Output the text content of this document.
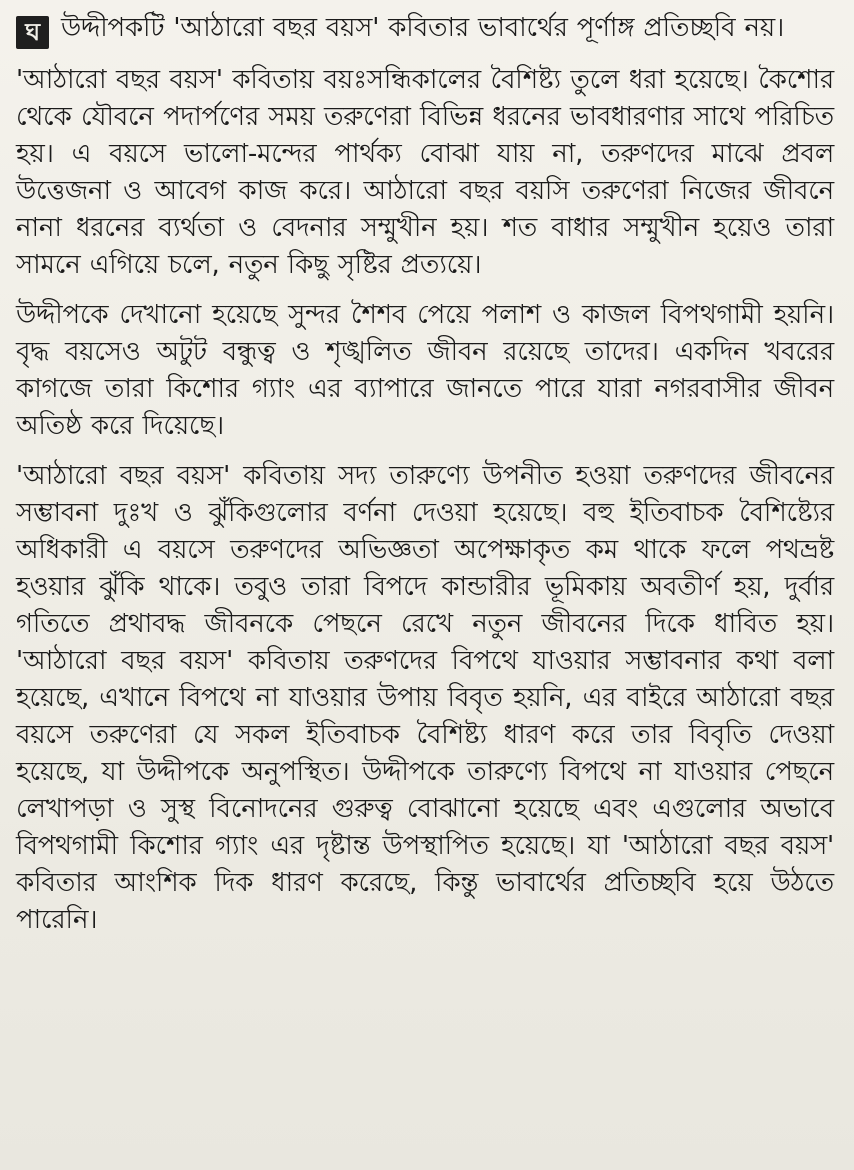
ঘ উদ্দীপকটি 'আঠারো বছর বয়স' কবিতার ভাবার্থের পূর্ণাঙ্গ প্রতিচ্ছবি নয়।

'আঠারো বছর বয়স' কবিতায় বয়ঃসন্ধিকালের বৈশিষ্ট্য তুলে ধরা হয়েছে। কৈশোর থেকে যৌবনে পদার্পণের সময় তরুণেরা বিভিন্ন ধরনের ভাবধারণার সাথে পরিচিত হয়। এ বয়সে ভালো-মন্দের পার্থক্য বোঝা যায় না, তরুণদের মাঝে প্রবল উত্তেজনা ও আবেগ কাজ করে। আঠারো বছর বয়সি তরুণেরা নিজের জীবনে নানা ধরনের ব্যর্থতা ও বেদনার সম্মুখীন হয়। শত বাধার সম্মুখীন হয়েও তারা সামনে এগিয়ে চলে, নতুন কিছু সৃষ্টির প্রত্যয়ে।

উদ্দীপকে দেখানো হয়েছে সুন্দর শৈশব পেয়ে পলাশ ও কাজল বিপথগামী হয়নি। বৃদ্ধ বয়সেও অটুট বন্ধুত্ব ও শৃঙ্খলিত জীবন রয়েছে তাদের। একদিন খবরের কাগজে তারা কিশোর গ্যাং এর ব্যাপারে জানতে পারে যারা নগরবাসীর জীবন অতিষ্ঠ করে দিয়েছে।

'আঠারো বছর বয়স' কবিতায় সদ্য তারুণ্যে উপনীত হওয়া তরুণদের জীবনের সম্ভাবনা দুঃখ ও ঝুঁকিগুলোর বর্ণনা দেওয়া হয়েছে। বহু ইতিবাচক বৈশিষ্ট্যের অধিকারী এ বয়সে তরুণদের অভিজ্ঞতা অপেক্ষাকৃত কম থাকে ফলে পথভ্রষ্ট হওয়ার ঝুঁকি থাকে। তবুও তারা বিপদে কান্ডারীর ভূমিকায় অবতীর্ণ হয়, দুর্বার গতিতে প্রথাবদ্ধ জীবনকে পেছনে রেখে নতুন জীবনের দিকে ধাবিত হয়। 'আঠারো বছর বয়স' কবিতায় তরুণদের বিপথে যাওয়ার সম্ভাবনার কথা বলা হয়েছে, এখানে বিপথে না যাওয়ার উপায় বিবৃত হয়নি, এর বাইরে আঠারো বছর বয়সে তরুণেরা যে সকল ইতিবাচক বৈশিষ্ট্য ধারণ করে তার বিবৃতি দেওয়া হয়েছে, যা উদ্দীপকে অনুপস্থিত। উদ্দীপকে তারুণ্যে বিপথে না যাওয়ার পেছনে লেখাপড়া ও সুস্থ বিনোদনের গুরুত্ব বোঝানো হয়েছে এবং এগুলোর অভাবে বিপথগামী কিশোর গ্যাং এর দৃষ্টান্ত উপস্থাপিত হয়েছে। যা 'আঠারো বছর বয়স' কবিতার আংশিক দিক ধারণ করেছে, কিন্তু ভাবার্থের প্রতিচ্ছবি হয়ে উঠতে পারেনি।
